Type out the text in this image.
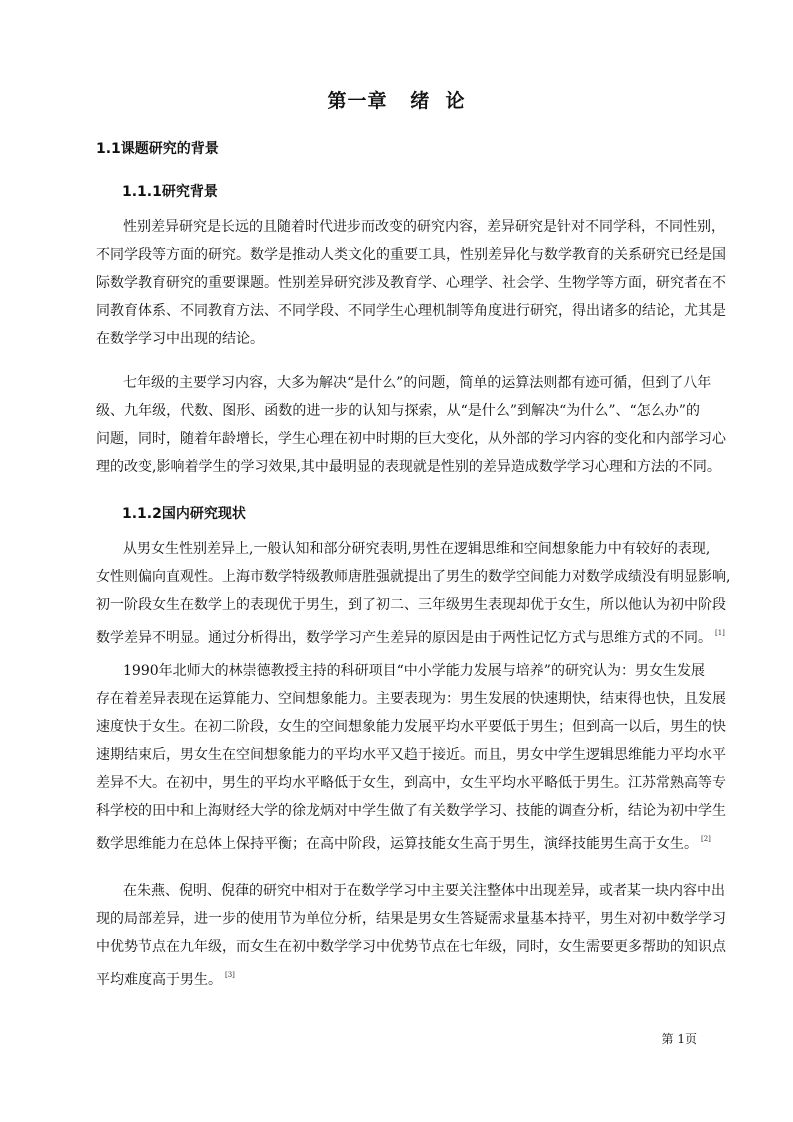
第一章   绪  论
1.1课题研究的背景
1.1.1研究背景
性别差异研究是长远的且随着时代进步而改变的研究内容，差异研究是针对不同学科，不同性别，
不同学段等方面的研究。数学是推动人类文化的重要工具，性别差异化与数学教育的关系研究已经是国
际数学教育研究的重要课题。性别差异研究涉及教育学、心理学、社会学、生物学等方面，研究者在不
同教育体系、不同教育方法、不同学段、不同学生心理机制等角度进行研究，得出诸多的结论，尤其是
在数学学习中出现的结论。
七年级的主要学习内容，大多为解决“是什么”的问题，简单的运算法则都有迹可循，但到了八年
级、九年级，代数、图形、函数的进一步的认知与探索，从“是什么”到解决“为什么”、“怎么办”的
问题，同时，随着年龄增长，学生心理在初中时期的巨大变化，从外部的学习内容的变化和内部学习心
理的改变,影响着学生的学习效果,其中最明显的表现就是性别的差异造成数学学习心理和方法的不同。
1.1.2国内研究现状
从男女生性别差异上,一般认知和部分研究表明,男性在逻辑思维和空间想象能力中有较好的表现,
女性则偏向直观性。上海市数学特级教师唐胜强就提出了男生的数学空间能力对数学成绩没有明显影响,
初一阶段女生在数学上的表现优于男生，到了初二、三年级男生表现却优于女生，所以他认为初中阶段
数学差异不明显。通过分析得出，数学学习产生差异的原因是由于两性记忆方式与思维方式的不同。 [1]
1990年北师大的林崇德教授主持的科研项目“中小学能力发展与培养”的研究认为：男女生发展
存在着差异表现在运算能力、空间想象能力。主要表现为：男生发展的快速期快，结束得也快，且发展
速度快于女生。在初二阶段，女生的空间想象能力发展平均水平要低于男生；但到高一以后，男生的快
速期结束后，男女生在空间想象能力的平均水平又趋于接近。而且，男女中学生逻辑思维能力平均水平
差异不大。在初中，男生的平均水平略低于女生，到高中，女生平均水平略低于男生。江苏常熟高等专
科学校的田中和上海财经大学的徐龙炳对中学生做了有关数学学习、技能的调查分析，结论为初中学生
数学思维能力在总体上保持平衡；在高中阶段，运算技能女生高于男生，演绎技能男生高于女生。 [2]
在朱燕、倪明、倪葎的研究中相对于在数学学习中主要关注整体中出现差异，或者某一块内容中出
现的局部差异，进一步的使用节为单位分析，结果是男女生答疑需求量基本持平，男生对初中数学学习
中优势节点在九年级，而女生在初中数学学习中优势节点在七年级，同时，女生需要更多帮助的知识点
平均难度高于男生。 [3]
第 1页
